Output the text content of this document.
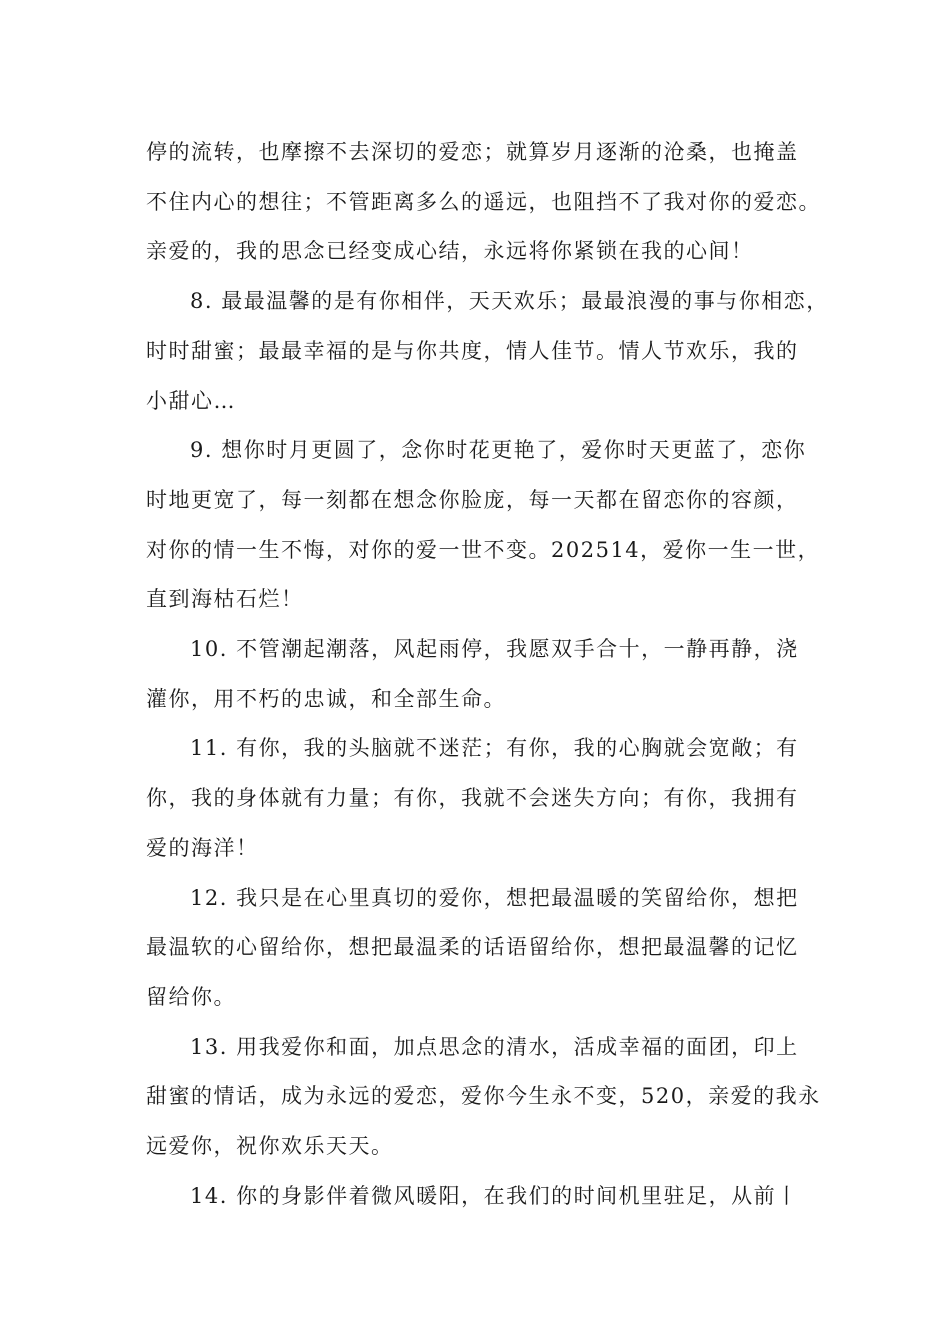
停的流转，也摩擦不去深切的爱恋；就算岁月逐渐的沧桑，也掩盖
不住内心的想往；不管距离多么的遥远，也阻挡不了我对你的爱恋。
亲爱的，我的思念已经变成心结，永远将你紧锁在我的心间！

8. 最最温馨的是有你相伴，天天欢乐；最最浪漫的事与你相恋，
时时甜蜜；最最幸福的是与你共度，情人佳节。情人节欢乐，我的
小甜心…

9. 想你时月更圆了，念你时花更艳了，爱你时天更蓝了，恋你
时地更宽了，每一刻都在想念你脸庞，每一天都在留恋你的容颜，
对你的情一生不悔，对你的爱一世不变。202514，爱你一生一世，
直到海枯石烂！

10. 不管潮起潮落，风起雨停，我愿双手合十，一静再静，浇
灌你，用不朽的忠诚，和全部生命。

11. 有你，我的头脑就不迷茫；有你，我的心胸就会宽敞；有
你，我的身体就有力量；有你，我就不会迷失方向；有你，我拥有
爱的海洋！

12. 我只是在心里真切的爱你，想把最温暖的笑留给你，想把
最温软的心留给你，想把最温柔的话语留给你，想把最温馨的记忆
留给你。

13. 用我爱你和面，加点思念的清水，活成幸福的面团，印上
甜蜜的情话，成为永远的爱恋，爱你今生永不变，520，亲爱的我永
远爱你，祝你欢乐天天。

14. 你的身影伴着微风暖阳，在我们的时间机里驻足，从前丨
